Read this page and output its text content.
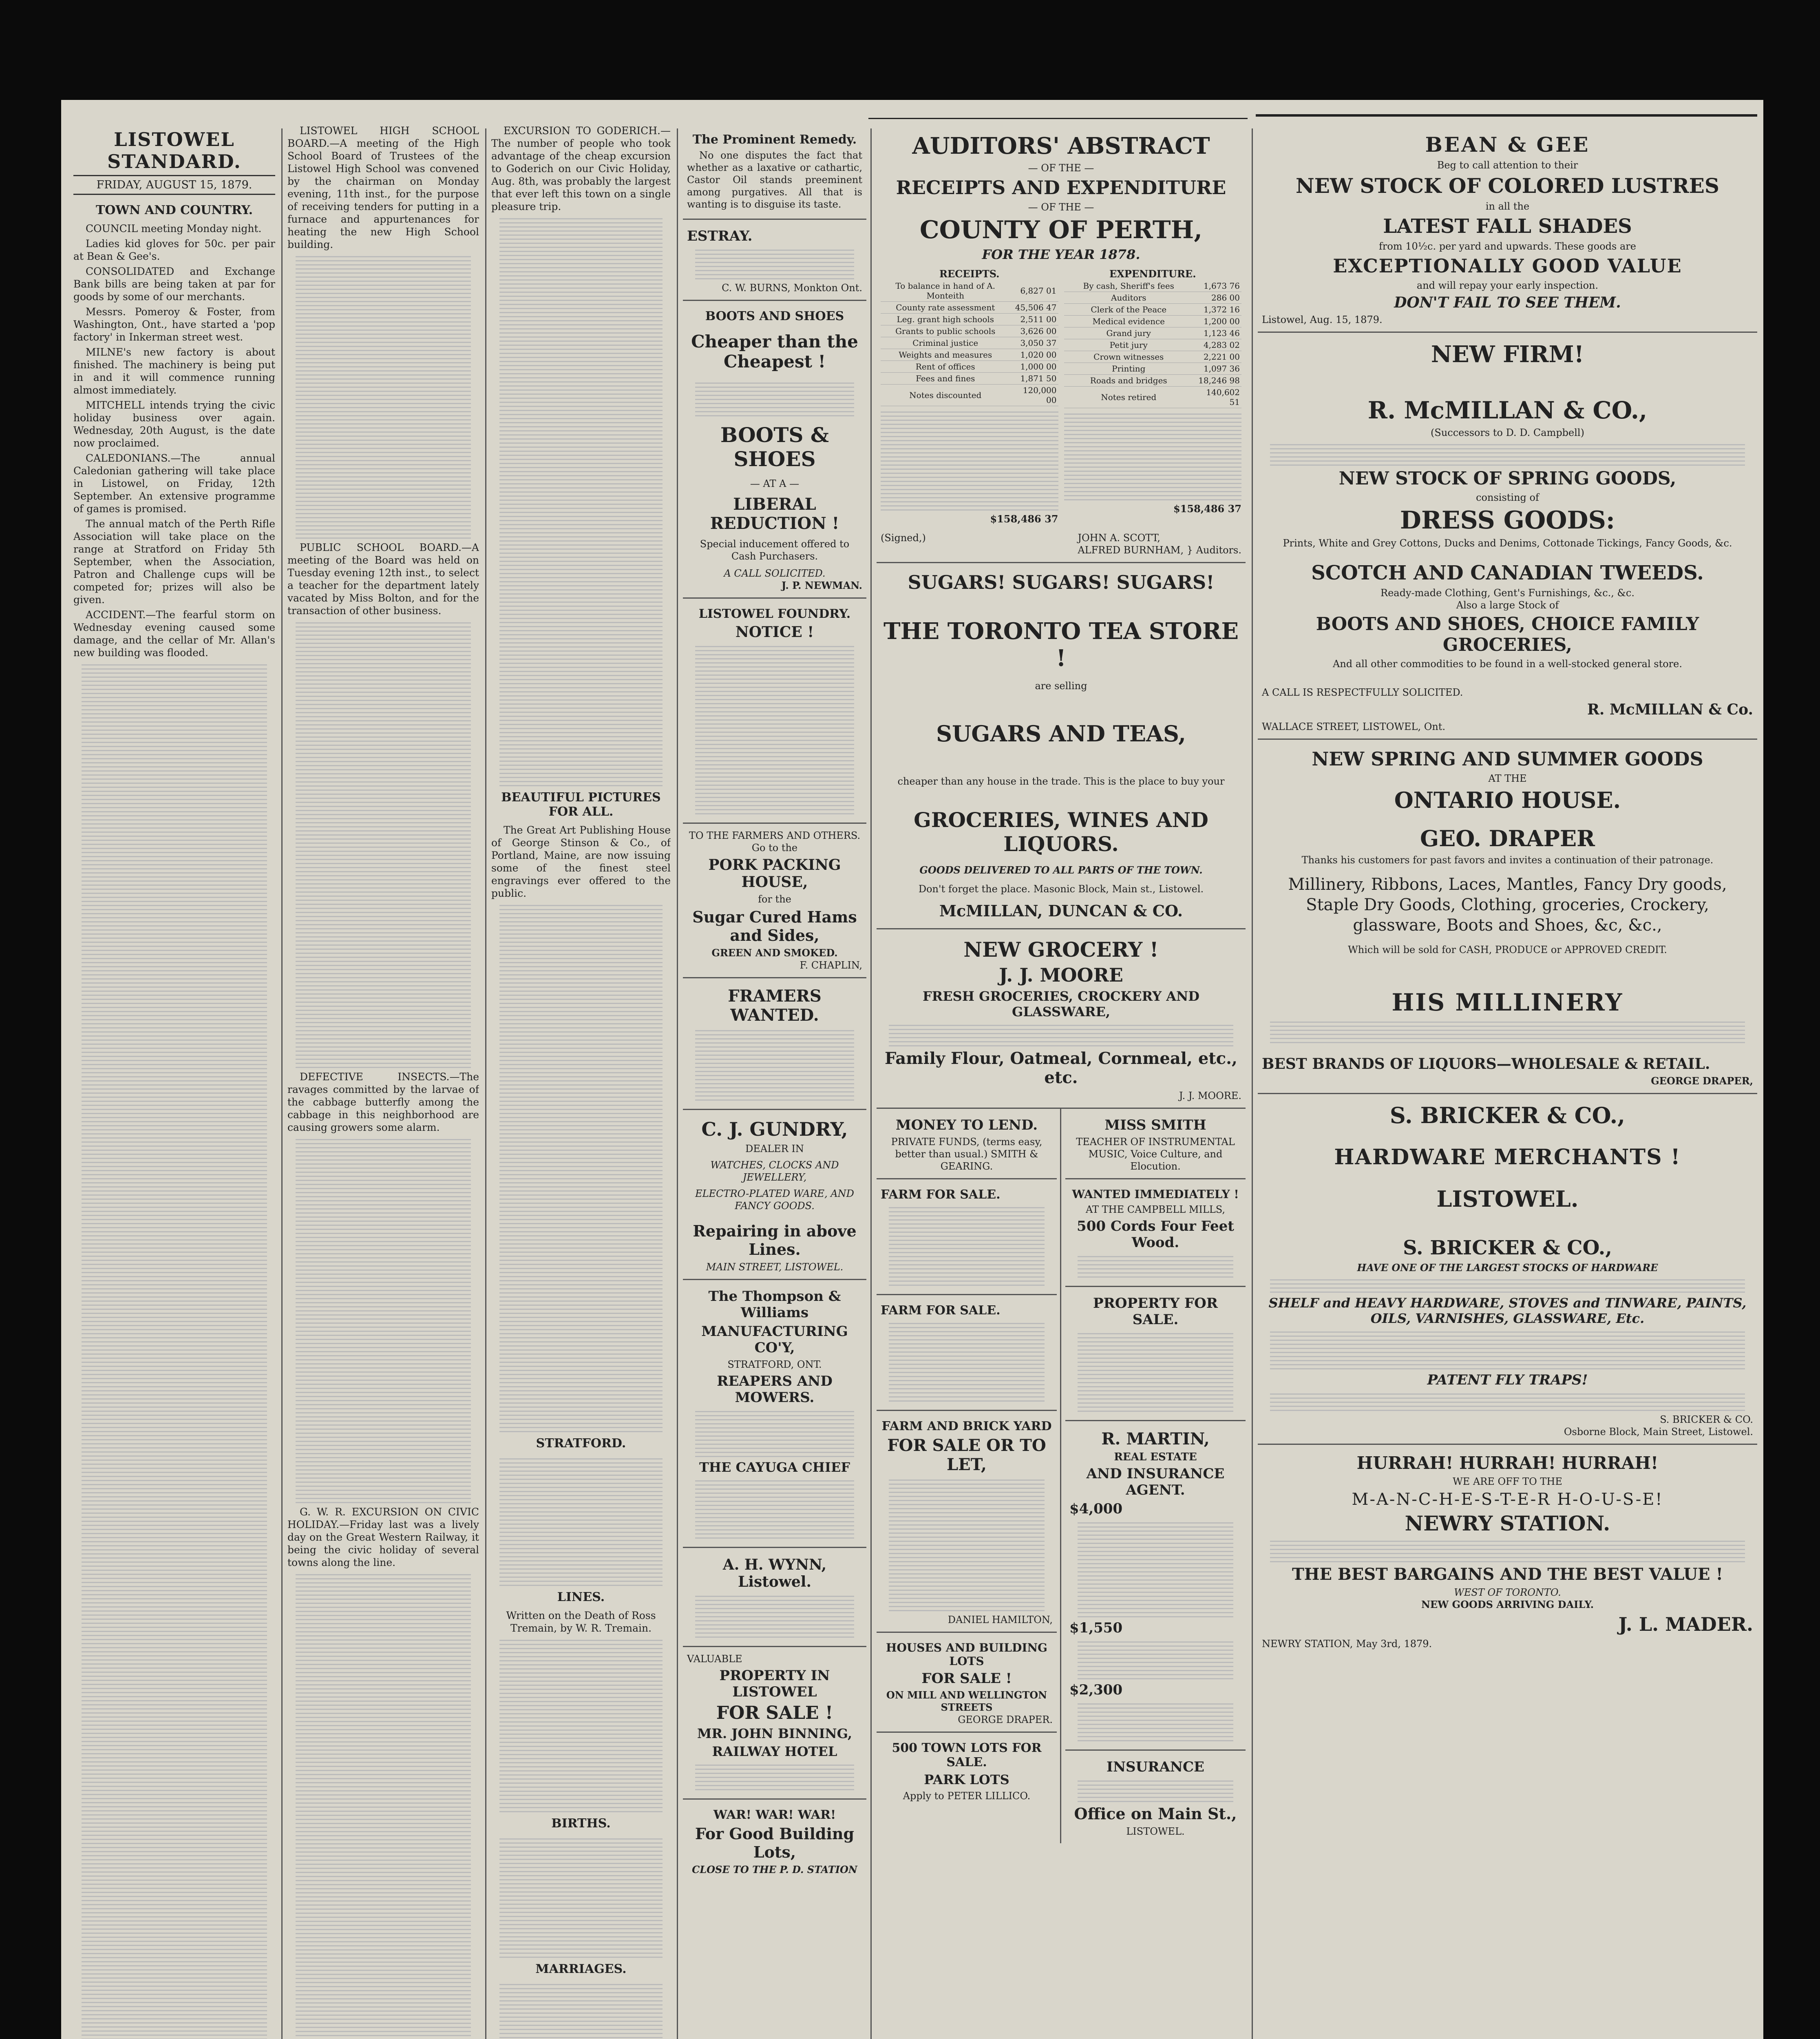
LISTOWEL STANDARD.
FRIDAY, AUGUST 15, 1879.
TOWN AND COUNTRY.

COUNCIL meeting Monday night.

Ladies kid gloves for 50c. per pair at Bean & Gee's.

CONSOLIDATED and Exchange Bank bills are being taken at par for goods by some of our merchants.

Messrs. Pomeroy & Foster, from Washington, Ont., have started a 'pop factory' in Inkerman street west.

MILNE's new factory is about finished. The machinery is being put in and it will commence running almost immediately.

MITCHELL intends trying the civic holiday business over again. Wednesday, 20th August, is the date now proclaimed.

CALEDONIANS.—The annual Caledonian gathering will take place in Listowel, on Friday, 12th September. An extensive programme of games is promised.

The annual match of the Perth Rifle Association will take place on the range at Stratford on Friday 5th September, when the Association, Patron and Challenge cups will be competed for; prizes will also be given.

ACCIDENT.—The fearful storm on Wednesday evening caused some damage, and the cellar of Mr. Allan's new building was flooded.

LISTOWEL HIGH SCHOOL BOARD.—A meeting of the High School Board of Trustees of the Listowel High School was convened by the chairman on Monday evening, 11th inst., for the purpose of receiving tenders for putting in a furnace and appurtenances for heating the new High School building.

PUBLIC SCHOOL BOARD.—A meeting of the Board was held on Tuesday evening 12th inst., to select a teacher for the department lately vacated by Miss Bolton, and for the transaction of other business.

DEFECTIVE INSECTS.—The ravages committed by the larvae of the cabbage butterfly among the cabbage in this neighborhood are causing growers some alarm.

G. W. R. EXCURSION ON CIVIC HOLIDAY.—Friday last was a lively day on the Great Western Railway, it being the civic holiday of several towns along the line.

EXCURSION TO GODERICH.—The number of people who took advantage of the cheap excursion to Goderich on our Civic Holiday, Aug. 8th, was probably the largest that ever left this town on a single pleasure trip.

BEAUTIFUL PICTURES FOR ALL.

The Great Art Publishing House of George Stinson & Co., of Portland, Maine, are now issuing some of the finest steel engravings ever offered to the public.

STRATFORD.
LINES.

Written on the Death of Ross Tremain, by W. R. Tremain.

BIRTHS.
MARRIAGES.
The Prominent Remedy.

No one disputes the fact that whether as a laxative or cathartic, Castor Oil stands preeminent among purgatives. All that is wanting is to disguise its taste.

ESTRAY.
C. W. BURNS, Monkton Ont.
BOOTS AND SHOES
Cheaper than the Cheapest !
BOOTS & SHOES
— AT A —
LIBERAL REDUCTION !
Special inducement offered to Cash Purchasers.
A CALL SOLICITED.
J. P. NEWMAN.
LISTOWEL FOUNDRY.
NOTICE !
TO THE FARMERS AND OTHERS.
Go to the
PORK PACKING HOUSE,
for the
Sugar Cured Hams and Sides,
GREEN AND SMOKED.
F. CHAPLIN,
FRAMERS WANTED.
C. J. GUNDRY,
DEALER IN
WATCHES, CLOCKS AND JEWELLERY,
ELECTRO-PLATED WARE, AND FANCY GOODS.
Repairing in above Lines.
MAIN STREET, LISTOWEL.
The Thompson & Williams
MANUFACTURING CO'Y,
STRATFORD, ONT.
REAPERS AND MOWERS.
THE CAYUGA CHIEF
A. H. WYNN, Listowel.
VALUABLE
PROPERTY IN LISTOWEL
FOR SALE !
MR. JOHN BINNING,
RAILWAY HOTEL
WAR! WAR! WAR!
For Good Building Lots,
CLOSE TO THE P. D. STATION
AUDITORS' ABSTRACT
— OF THE —
RECEIPTS AND EXPENDITURE
— OF THE —
COUNTY OF PERTH,
FOR THE YEAR 1878.
RECEIPTS.
To balance in hand of A. Monteith	6,827 01
County rate assessment	45,506 47
Leg. grant high schools	2,511 00
Grants to public schools	3,626 00
Criminal justice	3,050 37
Weights and measures	1,020 00
Rent of offices	1,000 00
Fees and fines	1,871 50
Notes discounted	120,000 00
$158,486 37
EXPENDITURE.
By cash, Sheriff's fees	1,673 76
Auditors	286 00
Clerk of the Peace	1,372 16
Medical evidence	1,200 00
Grand jury	1,123 46
Petit jury	4,283 02
Crown witnesses	2,221 00
Printing	1,097 36
Roads and bridges	18,246 98
Notes retired	140,602 51
$158,486 37
(Signed,)	JOHN A. SCOTT,
ALFRED BURNHAM, } Auditors.
SUGARS! SUGARS! SUGARS!
THE TORONTO TEA STORE !
are selling
SUGARS AND TEAS,
cheaper than any house in the trade. This is the place to buy your
GROCERIES, WINES AND LIQUORS.
GOODS DELIVERED TO ALL PARTS OF THE TOWN.
Don't forget the place. Masonic Block, Main st., Listowel.
McMILLAN, DUNCAN & CO.
NEW GROCERY !
J. J. MOORE
FRESH GROCERIES, CROCKERY AND GLASSWARE,
Family Flour, Oatmeal, Cornmeal, etc., etc.
J. J. MOORE.
MONEY TO LEND.
PRIVATE FUNDS, (terms easy, better than usual.) SMITH & GEARING.
FARM FOR SALE.
FARM FOR SALE.
FARM AND BRICK YARD
FOR SALE OR TO LET,
DANIEL HAMILTON,
HOUSES AND BUILDING LOTS
FOR SALE !
ON MILL AND WELLINGTON STREETS
GEORGE DRAPER.
500 TOWN LOTS FOR SALE.
PARK LOTS
Apply to PETER LILLICO.
MISS SMITH
TEACHER OF INSTRUMENTAL MUSIC, Voice Culture, and Elocution.
WANTED IMMEDIATELY !
AT THE CAMPBELL MILLS,
500 Cords Four Feet Wood.
PROPERTY FOR SALE.
R. MARTIN,
REAL ESTATE
AND INSURANCE AGENT.
$4,000
$1,550
$2,300
INSURANCE
Office on Main St.,
LISTOWEL.
BEAN & GEE
Beg to call attention to their
NEW STOCK OF COLORED LUSTRES
in all the
LATEST FALL SHADES
from 10½c. per yard and upwards. These goods are
EXCEPTIONALLY GOOD VALUE
and will repay your early inspection.
DON'T FAIL TO SEE THEM.
Listowel, Aug. 15, 1879.
NEW FIRM!
R. McMILLAN & CO.,
(Successors to D. D. Campbell)
NEW STOCK OF SPRING GOODS,
consisting of
DRESS GOODS:
Prints, White and Grey Cottons, Ducks and Denims, Cottonade Tickings, Fancy Goods, &c.
SCOTCH AND CANADIAN TWEEDS.
Ready-made Clothing, Gent's Furnishings, &c., &c.
Also a large Stock of
BOOTS AND SHOES, CHOICE FAMILY GROCERIES,
And all other commodities to be found in a well-stocked general store.
A CALL IS RESPECTFULLY SOLICITED.
R. McMILLAN & Co.
WALLACE STREET, LISTOWEL, Ont.
NEW SPRING AND SUMMER GOODS
AT THE
ONTARIO HOUSE.
GEO. DRAPER
Thanks his customers for past favors and invites a continuation of their patronage.
Millinery, Ribbons, Laces, Mantles, Fancy Dry goods, Staple Dry Goods, Clothing, groceries, Crockery, glassware, Boots and Shoes, &c, &c.,
Which will be sold for CASH, PRODUCE or APPROVED CREDIT.
HIS MILLINERY
BEST BRANDS OF LIQUORS—WHOLESALE & RETAIL.
GEORGE DRAPER,
S. BRICKER & CO.,
HARDWARE MERCHANTS !
LISTOWEL.
S. BRICKER & CO.,
HAVE ONE OF THE LARGEST STOCKS OF HARDWARE
SHELF and HEAVY HARDWARE, STOVES and TINWARE, PAINTS, OILS, VARNISHES, GLASSWARE, Etc.
PATENT FLY TRAPS!
S. BRICKER & CO.
Osborne Block, Main Street, Listowel.
HURRAH! HURRAH! HURRAH!
WE ARE OFF TO THE
M-A-N-C-H-E-S-T-E-R H-O-U-S-E!
NEWRY STATION.
THE BEST BARGAINS AND THE BEST VALUE !
WEST OF TORONTO.
NEW GOODS ARRIVING DAILY.
J. L. MADER.
NEWRY STATION, May 3rd, 1879.
